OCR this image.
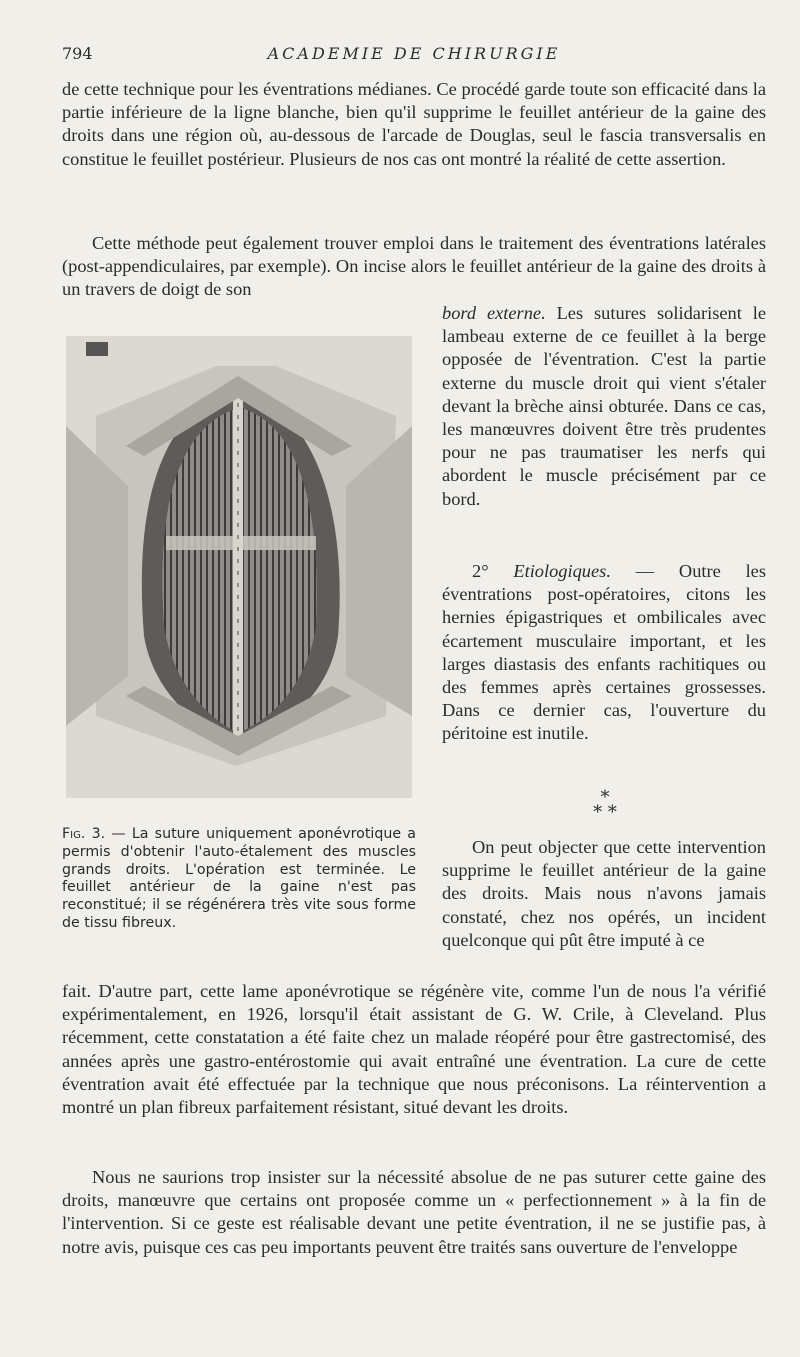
794	ACADEMIE DE CHIRURGIE

de cette technique pour les éventrations médianes. Ce procédé garde toute son efficacité dans la partie inférieure de la ligne blanche, bien qu'il supprime le feuillet antérieur de la gaine des droits dans une région où, au-dessous de l'arcade de Douglas, seul le fascia transversalis en constitue le feuillet postérieur. Plusieurs de nos cas ont montré la réalité de cette assertion.

Cette méthode peut également trouver emploi dans le traitement des éventrations latérales (post-appendiculaires, par exemple). On incise alors le feuillet antérieur de la gaine des droits à un travers de doigt de son

bord externe. Les sutures solidarisent le lambeau externe de ce feuillet à la berge opposée de l'éventration. C'est la partie externe du muscle droit qui vient s'étaler devant la brèche ainsi obturée. Dans ce cas, les manœuvres doivent être très prudentes pour ne pas traumatiser les nerfs qui abordent le muscle précisément par ce bord.

2° Etiologiques. — Outre les éventrations post-opératoires, citons les hernies épigastriques et ombilicales avec écartement musculaire important, et les larges diastasis des enfants rachitiques ou des femmes après certaines grossesses. Dans ce dernier cas, l'ouverture du péritoine est inutile.

Fig. 3. — La suture uniquement aponévrotique a permis d'obtenir l'auto-étalement des muscles grands droits. L'opération est terminée. Le feuillet antérieur de la gaine n'est pas reconstitué; il se régénérera très vite sous forme de tissu fibreux.
*
* *

On peut objecter que cette intervention supprime le feuillet antérieur de la gaine des droits. Mais nous n'avons jamais constaté, chez nos opérés, un incident quelconque qui pût être imputé à ce

fait. D'autre part, cette lame aponévrotique se régénère vite, comme l'un de nous l'a vérifié expérimentalement, en 1926, lorsqu'il était assistant de G. W. Crile, à Cleveland. Plus récemment, cette constatation a été faite chez un malade réopéré pour être gastrectomisé, des années après une gastro-entérostomie qui avait entraîné une éventration. La cure de cette éventration avait été effectuée par la technique que nous préconisons. La réintervention a montré un plan fibreux parfaitement résistant, situé devant les droits.

Nous ne saurions trop insister sur la nécessité absolue de ne pas suturer cette gaine des droits, manœuvre que certains ont proposée comme un « perfectionnement » à la fin de l'intervention. Si ce geste est réalisable devant une petite éventration, il ne se justifie pas, à notre avis, puisque ces cas peu importants peuvent être traités sans ouverture de l'enveloppe
